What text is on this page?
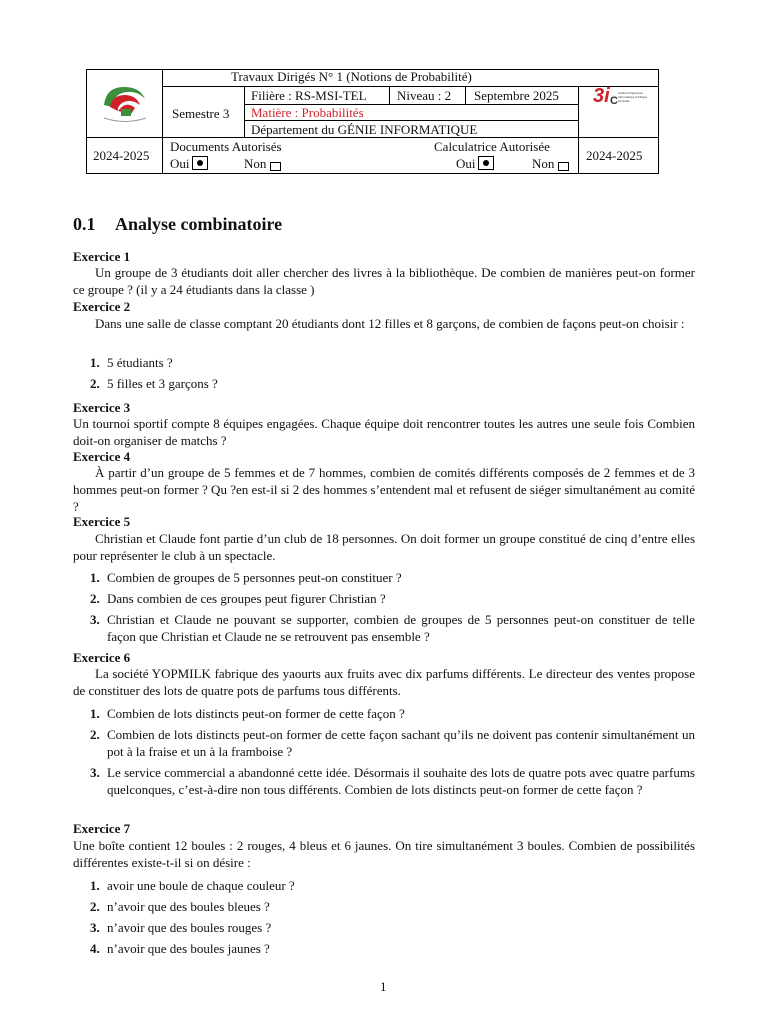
Travaux Dirigés N° 1 (Notions de Probabilité)
Semestre 3
Filière : RS-MSI-TEL Niveau : 2 Septembre 2025
Matière : Probabilités
Département du GÉNIE INFORMATIQUE
3i C
Institut d'Ingénierie Informatique d'Afrique Centrale
2024-2025
Documents Autorisés
Oui	Non
Calculatrice Autorisée
Oui	Non
2024-2025
0.1 Analyse combinatoire
Exercice 1
Un groupe de 3 étudiants doit aller chercher des livres à la bibliothèque. De combien de manières peut-on former ce groupe ? (il y a 24 étudiants dans la classe )
Exercice 2
Dans une salle de classe comptant 20 étudiants dont 12 filles et 8 garçons, de combien de façons peut-on choisir :
1. 5 étudiants ?
2. 5 filles et 3 garçons ?
Exercice 3
Un tournoi sportif compte 8 équipes engagées. Chaque équipe doit rencontrer toutes les autres une seule fois Combien doit-on organiser de matchs ?
Exercice 4
À partir d’un groupe de 5 femmes et de 7 hommes, combien de comités différents composés de 2 femmes et de 3 hommes peut-on former ? Qu ?en est-il si 2 des hommes s’entendent mal et refusent de siéger simultanément au comité ?
Exercice 5
Christian et Claude font partie d’un club de 18 personnes. On doit former un groupe constitué de cinq d’entre elles pour représenter le club à un spectacle.
1. Combien de groupes de 5 personnes peut-on constituer ?
2. Dans combien de ces groupes peut figurer Christian ?
3. Christian et Claude ne pouvant se supporter, combien de groupes de 5 personnes peut-on constituer de telle façon que Christian et Claude ne se retrouvent pas ensemble ?
Exercice 6
La société YOPMILK fabrique des yaourts aux fruits avec dix parfums différents. Le directeur des ventes propose de constituer des lots de quatre pots de parfums tous différents.
1. Combien de lots distincts peut-on former de cette façon ?
2. Combien de lots distincts peut-on former de cette façon sachant qu’ils ne doivent pas contenir simultanément un pot à la fraise et un à la framboise ?
3. Le service commercial a abandonné cette idée. Désormais il souhaite des lots de quatre pots avec quatre parfums quelconques, c’est-à-dire non tous différents. Combien de lots distincts peut-on former de cette façon ?
Exercice 7
Une boîte contient 12 boules : 2 rouges, 4 bleus et 6 jaunes. On tire simultanément 3 boules. Combien de possibilités différentes existe-t-il si on désire :
1. avoir une boule de chaque couleur ?
2. n’avoir que des boules bleues ?
3. n’avoir que des boules rouges ?
4. n’avoir que des boules jaunes ?
1
